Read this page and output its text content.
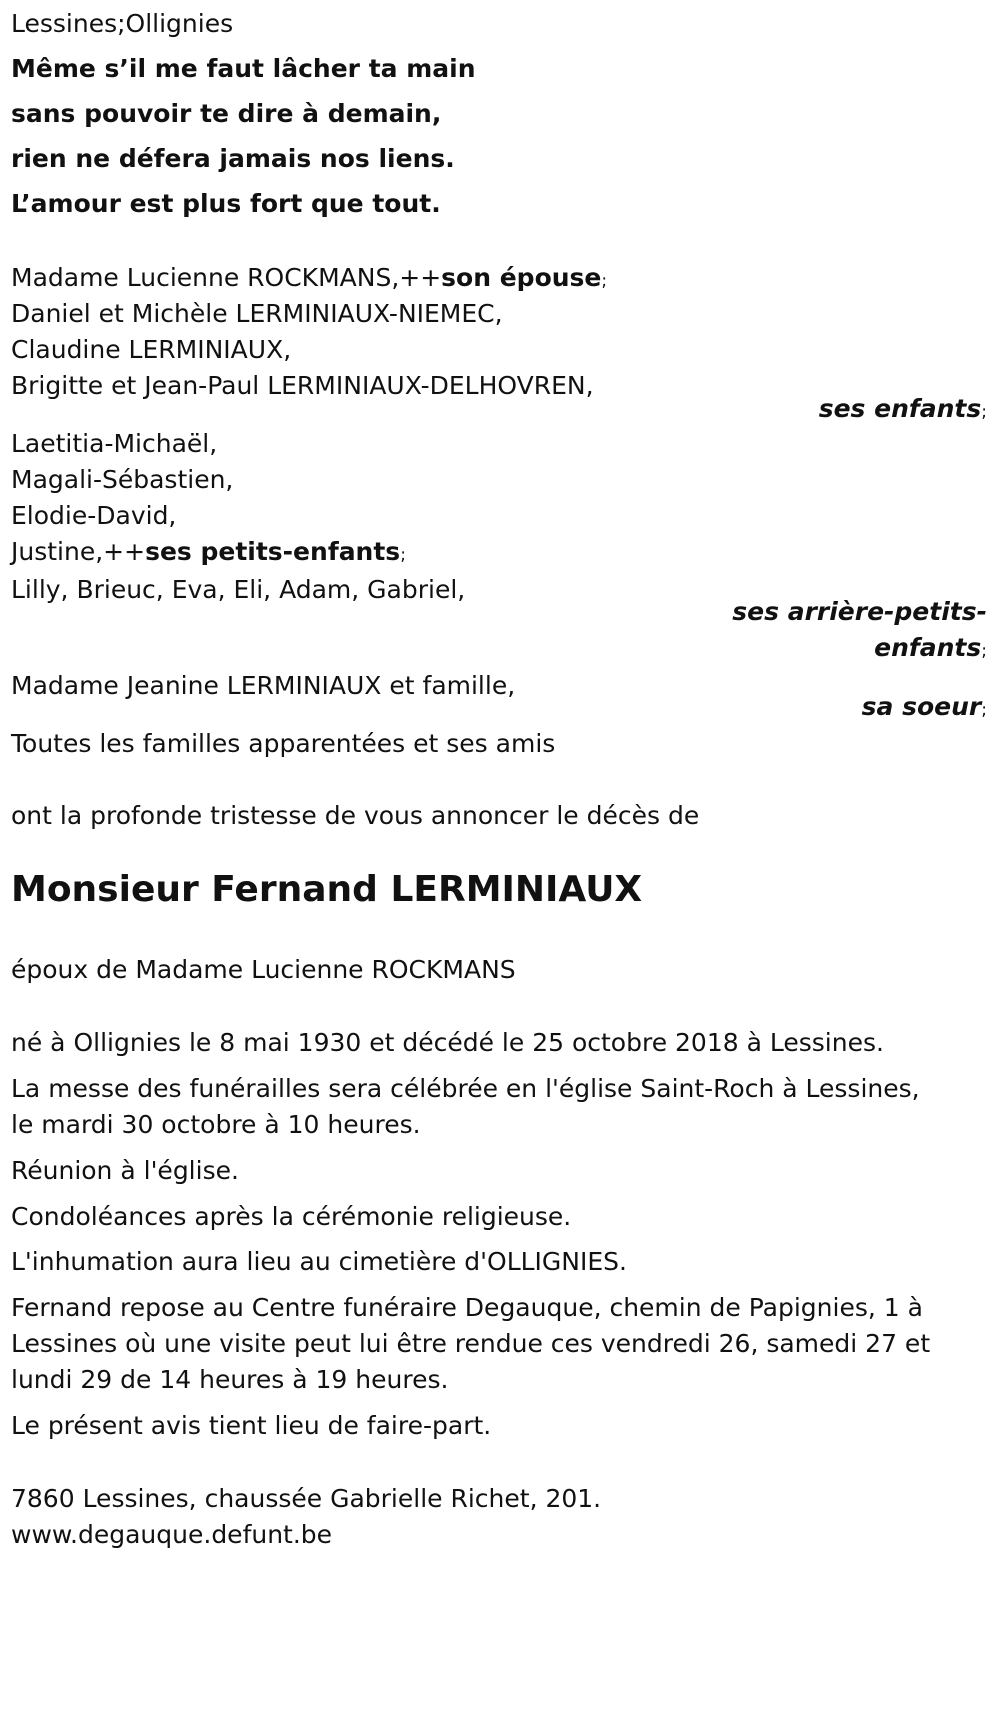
Lessines;Ollignies
Même s’il me faut lâcher ta main
sans pouvoir te dire à demain,
rien ne défera jamais nos liens.
L’amour est plus fort que tout.
Madame Lucienne ROCKMANS,++son épouse;
Daniel et Michèle LERMINIAUX-NIEMEC,
Claudine LERMINIAUX,
Brigitte et Jean-Paul LERMINIAUX-DELHOVREN,
ses enfants;
Laetitia-Michaël,
Magali-Sébastien,
Elodie-David,
Justine,++ses petits-enfants;
Lilly, Brieuc, Eva, Eli, Adam, Gabriel,
ses arrière-petits-
enfants;
Madame Jeanine LERMINIAUX et famille,
sa soeur;
Toutes les familles apparentées et ses amis
ont la profonde tristesse de vous annoncer le décès de
Monsieur Fernand LERMINIAUX
époux de Madame Lucienne ROCKMANS
né à Ollignies le 8 mai 1930 et décédé le 25 octobre 2018 à Lessines.
La messe des funérailles sera célébrée en l'église Saint-Roch à Lessines,
le mardi 30 octobre à 10 heures.
Réunion à l'église.
Condoléances après la cérémonie religieuse.
L'inhumation aura lieu au cimetière d'OLLIGNIES.
Fernand repose au Centre funéraire Degauque, chemin de Papignies, 1 à
Lessines où une visite peut lui être rendue ces vendredi 26, samedi 27 et
lundi 29 de 14 heures à 19 heures.
Le présent avis tient lieu de faire-part.
7860 Lessines, chaussée Gabrielle Richet, 201.
www.degauque.defunt.be
